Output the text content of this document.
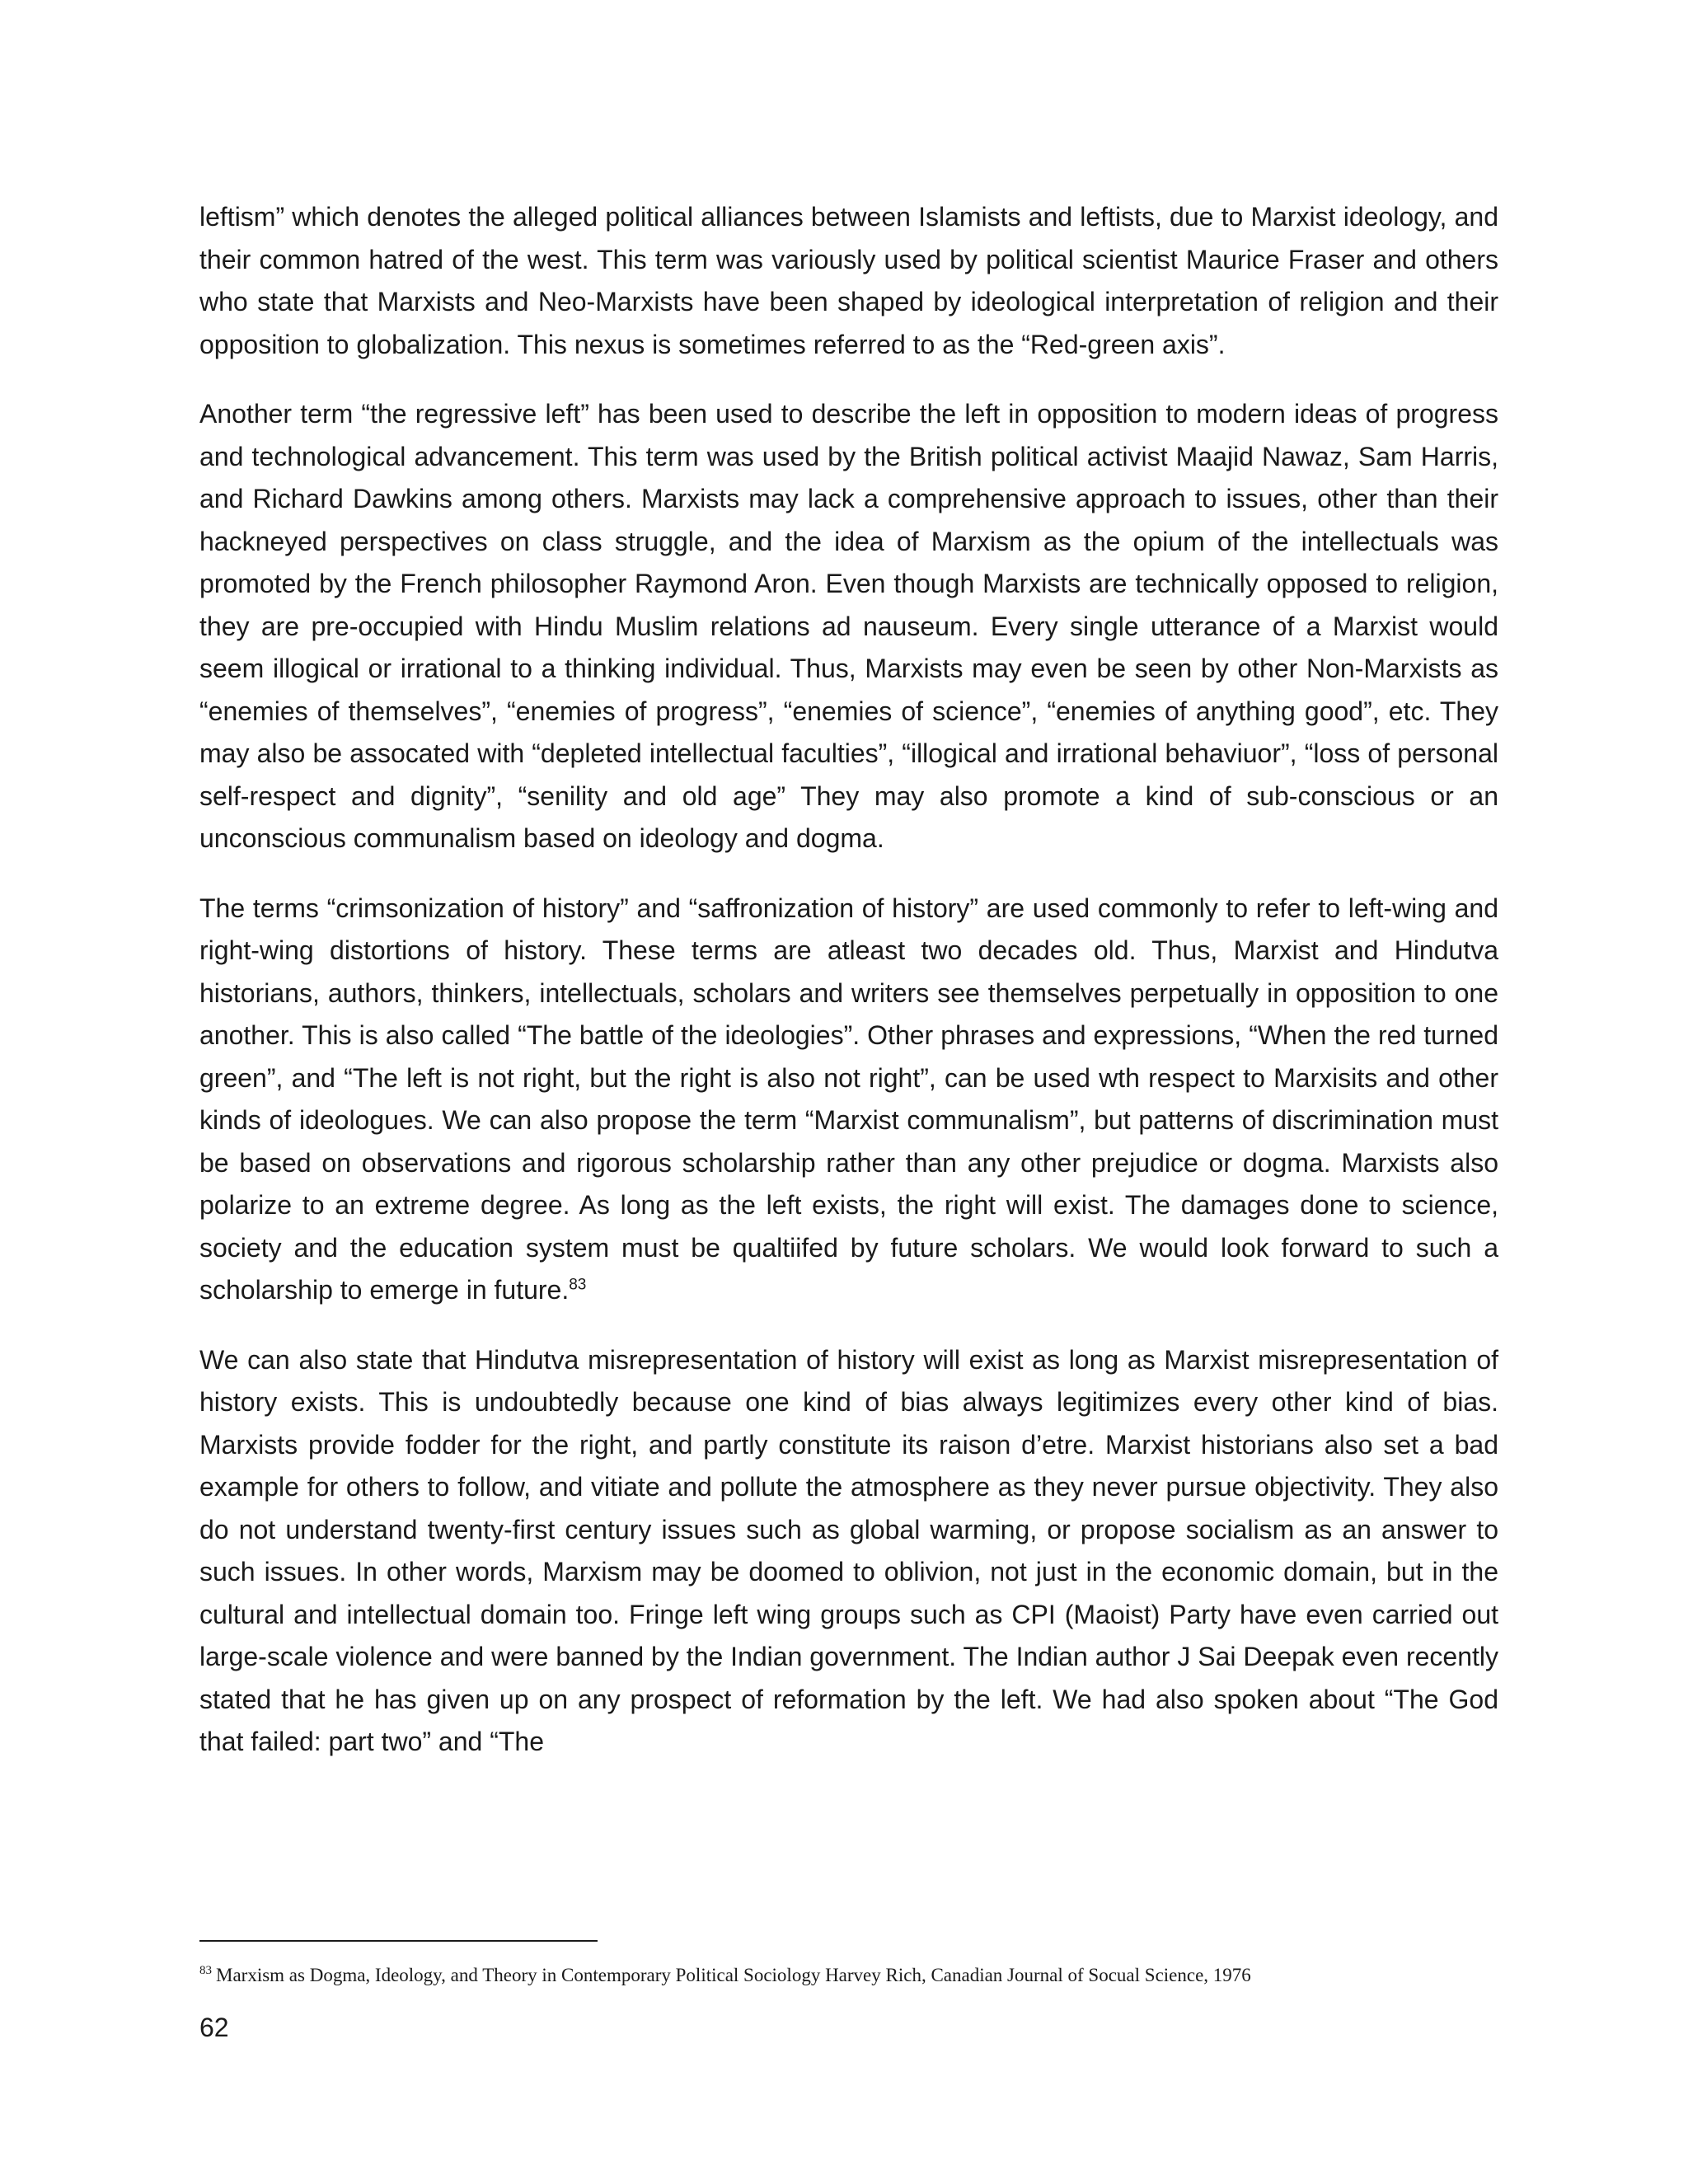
leftism” which denotes the alleged political alliances between Islamists and leftists, due to Marxist ideology, and their common hatred of the west. This term was variously used by political scientist Maurice Fraser and others who state that Marxists and Neo-Marxists have been shaped by ideological interpretation of religion and their opposition to globalization. This nexus is sometimes referred to as the “Red-green axis”.

Another term “the regressive left” has been used to describe the left in opposition to modern ideas of progress and technological advancement. This term was used by the British political activist Maajid Nawaz, Sam Harris, and Richard Dawkins among others. Marxists may lack a comprehensive approach to issues, other than their hackneyed perspectives on class struggle, and the idea of Marxism as the opium of the intellectuals was promoted by the French philosopher Raymond Aron. Even though Marxists are technically opposed to religion, they are pre-occupied with Hindu Muslim relations ad nauseum. Every single utterance of a Marxist would seem illogical or irrational to a thinking individual. Thus, Marxists may even be seen by other Non-Marxists as “enemies of themselves”, “enemies of progress”, “enemies of science”, “enemies of anything good”, etc. They may also be assocated with “depleted intellectual faculties”, “illogical and irrational behaviuor”, “loss of personal self-respect and dignity”, “senility and old age” They may also promote a kind of sub-conscious or an unconscious communalism based on ideology and dogma.

The terms “crimsonization of history” and “saffronization of history” are used commonly to refer to left-wing and right-wing distortions of history. These terms are atleast two decades old. Thus, Marxist and Hindutva historians, authors, thinkers, intellectuals, scholars and writers see themselves perpetually in opposition to one another. This is also called “The battle of the ideologies”. Other phrases and expressions, “When the red turned green”, and “The left is not right, but the right is also not right”, can be used wth respect to Marxisits and other kinds of ideologues. We can also propose the term “Marxist communalism”, but patterns of discrimination must be based on observations and rigorous scholarship rather than any other prejudice or dogma. Marxists also polarize to an extreme degree. As long as the left exists, the right will exist. The damages done to science, society and the education system must be qualtiifed by future scholars. We would look forward to such a scholarship to emerge in future.$^{83}$

We can also state that Hindutva misrepresentation of history will exist as long as Marxist misrepresentation of history exists. This is undoubtedly because one kind of bias always legitimizes every other kind of bias. Marxists provide fodder for the right, and partly constitute its raison d’etre. Marxist historians also set a bad example for others to follow, and vitiate and pollute the atmosphere as they never pursue objectivity. They also do not understand twenty-first century issues such as global warming, or propose socialism as an answer to such issues. In other words, Marxism may be doomed to oblivion, not just in the economic domain, but in the cultural and intellectual domain too. Fringe left wing groups such as CPI (Maoist) Party have even carried out large-scale violence and were banned by the Indian government. The Indian author J Sai Deepak even recently stated that he has given up on any prospect of reformation by the left. We had also spoken about “The God that failed: part two” and “The

$^{83}$ Marxism as Dogma, Ideology, and Theory in Contemporary Political Sociology Harvey Rich, Canadian Journal of Socual Science, 1976
62
